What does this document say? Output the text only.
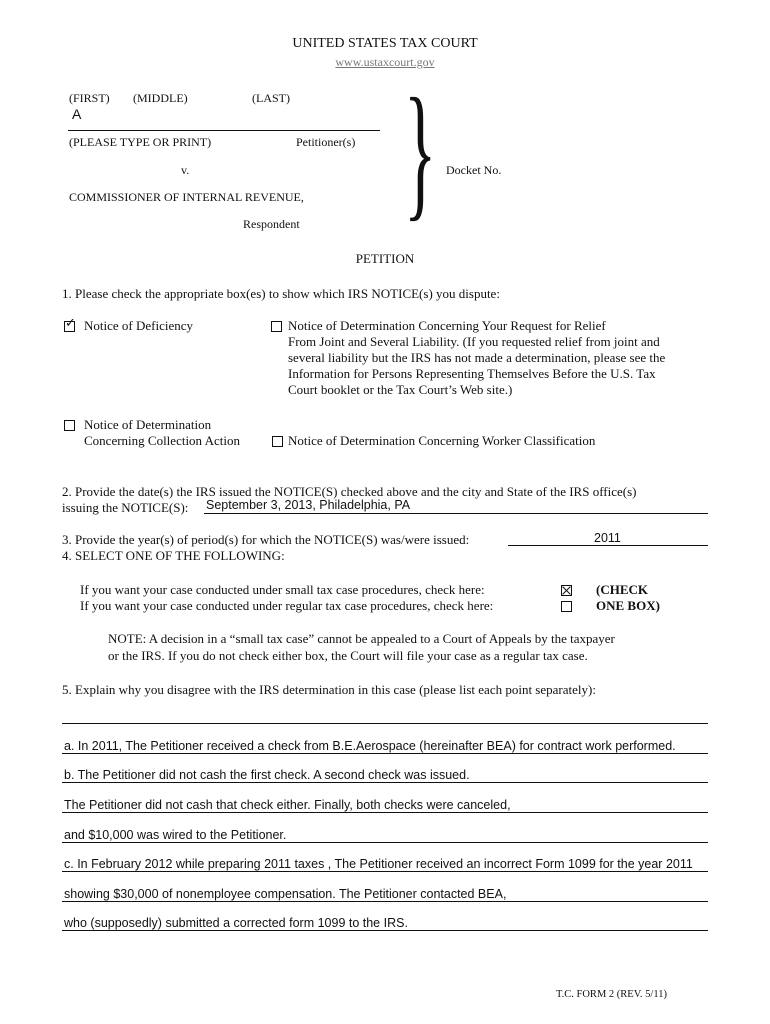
UNITED STATES TAX COURT
www.ustaxcourt.gov
(FIRST) (MIDDLE)	(LAST)
A
(PLEASE TYPE OR PRINT)	Petitioner(s)
v.
COMMISSIONER OF INTERNAL REVENUE,
Respondent } Docket No.
PETITION
1. Please check the appropriate box(es) to show which IRS NOTICE(s) you dispute:
✓
Notice of Deficiency	Notice of Determination Concerning Your Request for Relief
From Joint and Several Liability. (If you requested relief from joint and
several liability but the IRS has not made a determination, please see the
Information for Persons Representing Themselves Before the U.S. Tax
Court booklet or the Tax Court’s Web site.)
Notice of Determination
Concerning Collection Action	Notice of Determination Concerning Worker Classification
2. Provide the date(s) the IRS issued the NOTICE(S) checked above and the city and State of the IRS office(s)
issuing the NOTICE(S): September 3, 2013, Philadelphia, PA
3. Provide the year(s) of period(s) for which the NOTICE(S) was/were issued:	2011
4. SELECT ONE OF THE FOLLOWING:
If you want your case conducted under small tax case procedures, check here:
If you want your case conducted under regular tax case procedures, check here:
(CHECK
ONE BOX)
NOTE: A decision in a “small tax case” cannot be appealed to a Court of Appeals by the taxpayer
or the IRS. If you do not check either box, the Court will file your case as a regular tax case.
5. Explain why you disagree with the IRS determination in this case (please list each point separately):
a. In 2011, The Petitioner received a check from B.E.Aerospace (hereinafter BEA) for contract work performed.
b. The Petitioner did not cash the first check. A second check was issued.
The Petitioner did not cash that check either. Finally, both checks were canceled,
and $10,000 was wired to the Petitioner.
c. In February 2012 while preparing 2011 taxes , The Petitioner received an incorrect Form 1099 for the year 2011
showing $30,000 of nonemployee compensation. The Petitioner contacted BEA,
who (supposedly) submitted a corrected form 1099 to the IRS.
T.C. FORM 2 (REV. 5/11)
